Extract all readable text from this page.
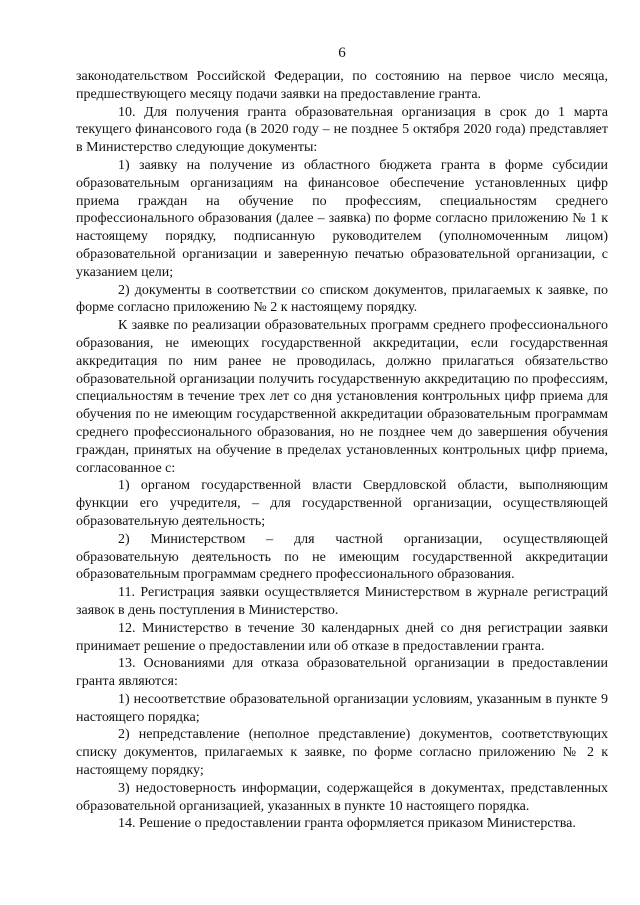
6

законодательством Российской Федерации, по состоянию на первое число месяца, предшествующего месяцу подачи заявки на предоставление гранта.

10. Для получения гранта образовательная организация в срок до 1 марта текущего финансового года (в 2020 году – не позднее 5 октября 2020 года) представляет в Министерство следующие документы:

1) заявку на получение из областного бюджета гранта в форме субсидии образовательным организациям на финансовое обеспечение установленных цифр приема граждан на обучение по профессиям, специальностям среднего профессионального образования (далее – заявка) по форме согласно приложению № 1 к настоящему порядку, подписанную руководителем (уполномоченным лицом) образовательной организации и заверенную печатью образовательной организации, с указанием цели;

2) документы в соответствии со списком документов, прилагаемых к заявке, по форме согласно приложению № 2 к настоящему порядку.

К заявке по реализации образовательных программ среднего профессионального образования, не имеющих государственной аккредитации, если государственная аккредитация по ним ранее не проводилась, должно прилагаться обязательство образовательной организации получить государственную аккредитацию по профессиям, специальностям в течение трех лет со дня установления контрольных цифр приема для обучения по не имеющим государственной аккредитации образовательным программам среднего профессионального образования, но не позднее чем до завершения обучения граждан, принятых на обучение в пределах установленных контрольных цифр приема, согласованное с:

1) органом государственной власти Свердловской области, выполняющим функции его учредителя, – для государственной организации, осуществляющей образовательную деятельность;

2) Министерством – для частной организации, осуществляющей образовательную деятельность по не имеющим государственной аккредитации образовательным программам среднего профессионального образования.

11. Регистрация заявки осуществляется Министерством в журнале регистраций заявок в день поступления в Министерство.

12. Министерство в течение 30 календарных дней со дня регистрации заявки принимает решение о предоставлении или об отказе в предоставлении гранта.

13. Основаниями для отказа образовательной организации в предоставлении гранта являются:

1) несоответствие образовательной организации условиям, указанным в пункте 9 настоящего порядка;

2) непредставление (неполное представление) документов, соответствующих списку документов, прилагаемых к заявке, по форме согласно приложению № 2 к настоящему порядку;

3) недостоверность информации, содержащейся в документах, представленных образовательной организацией, указанных в пункте 10 настоящего порядка.

14. Решение о предоставлении гранта оформляется приказом Министерства.
